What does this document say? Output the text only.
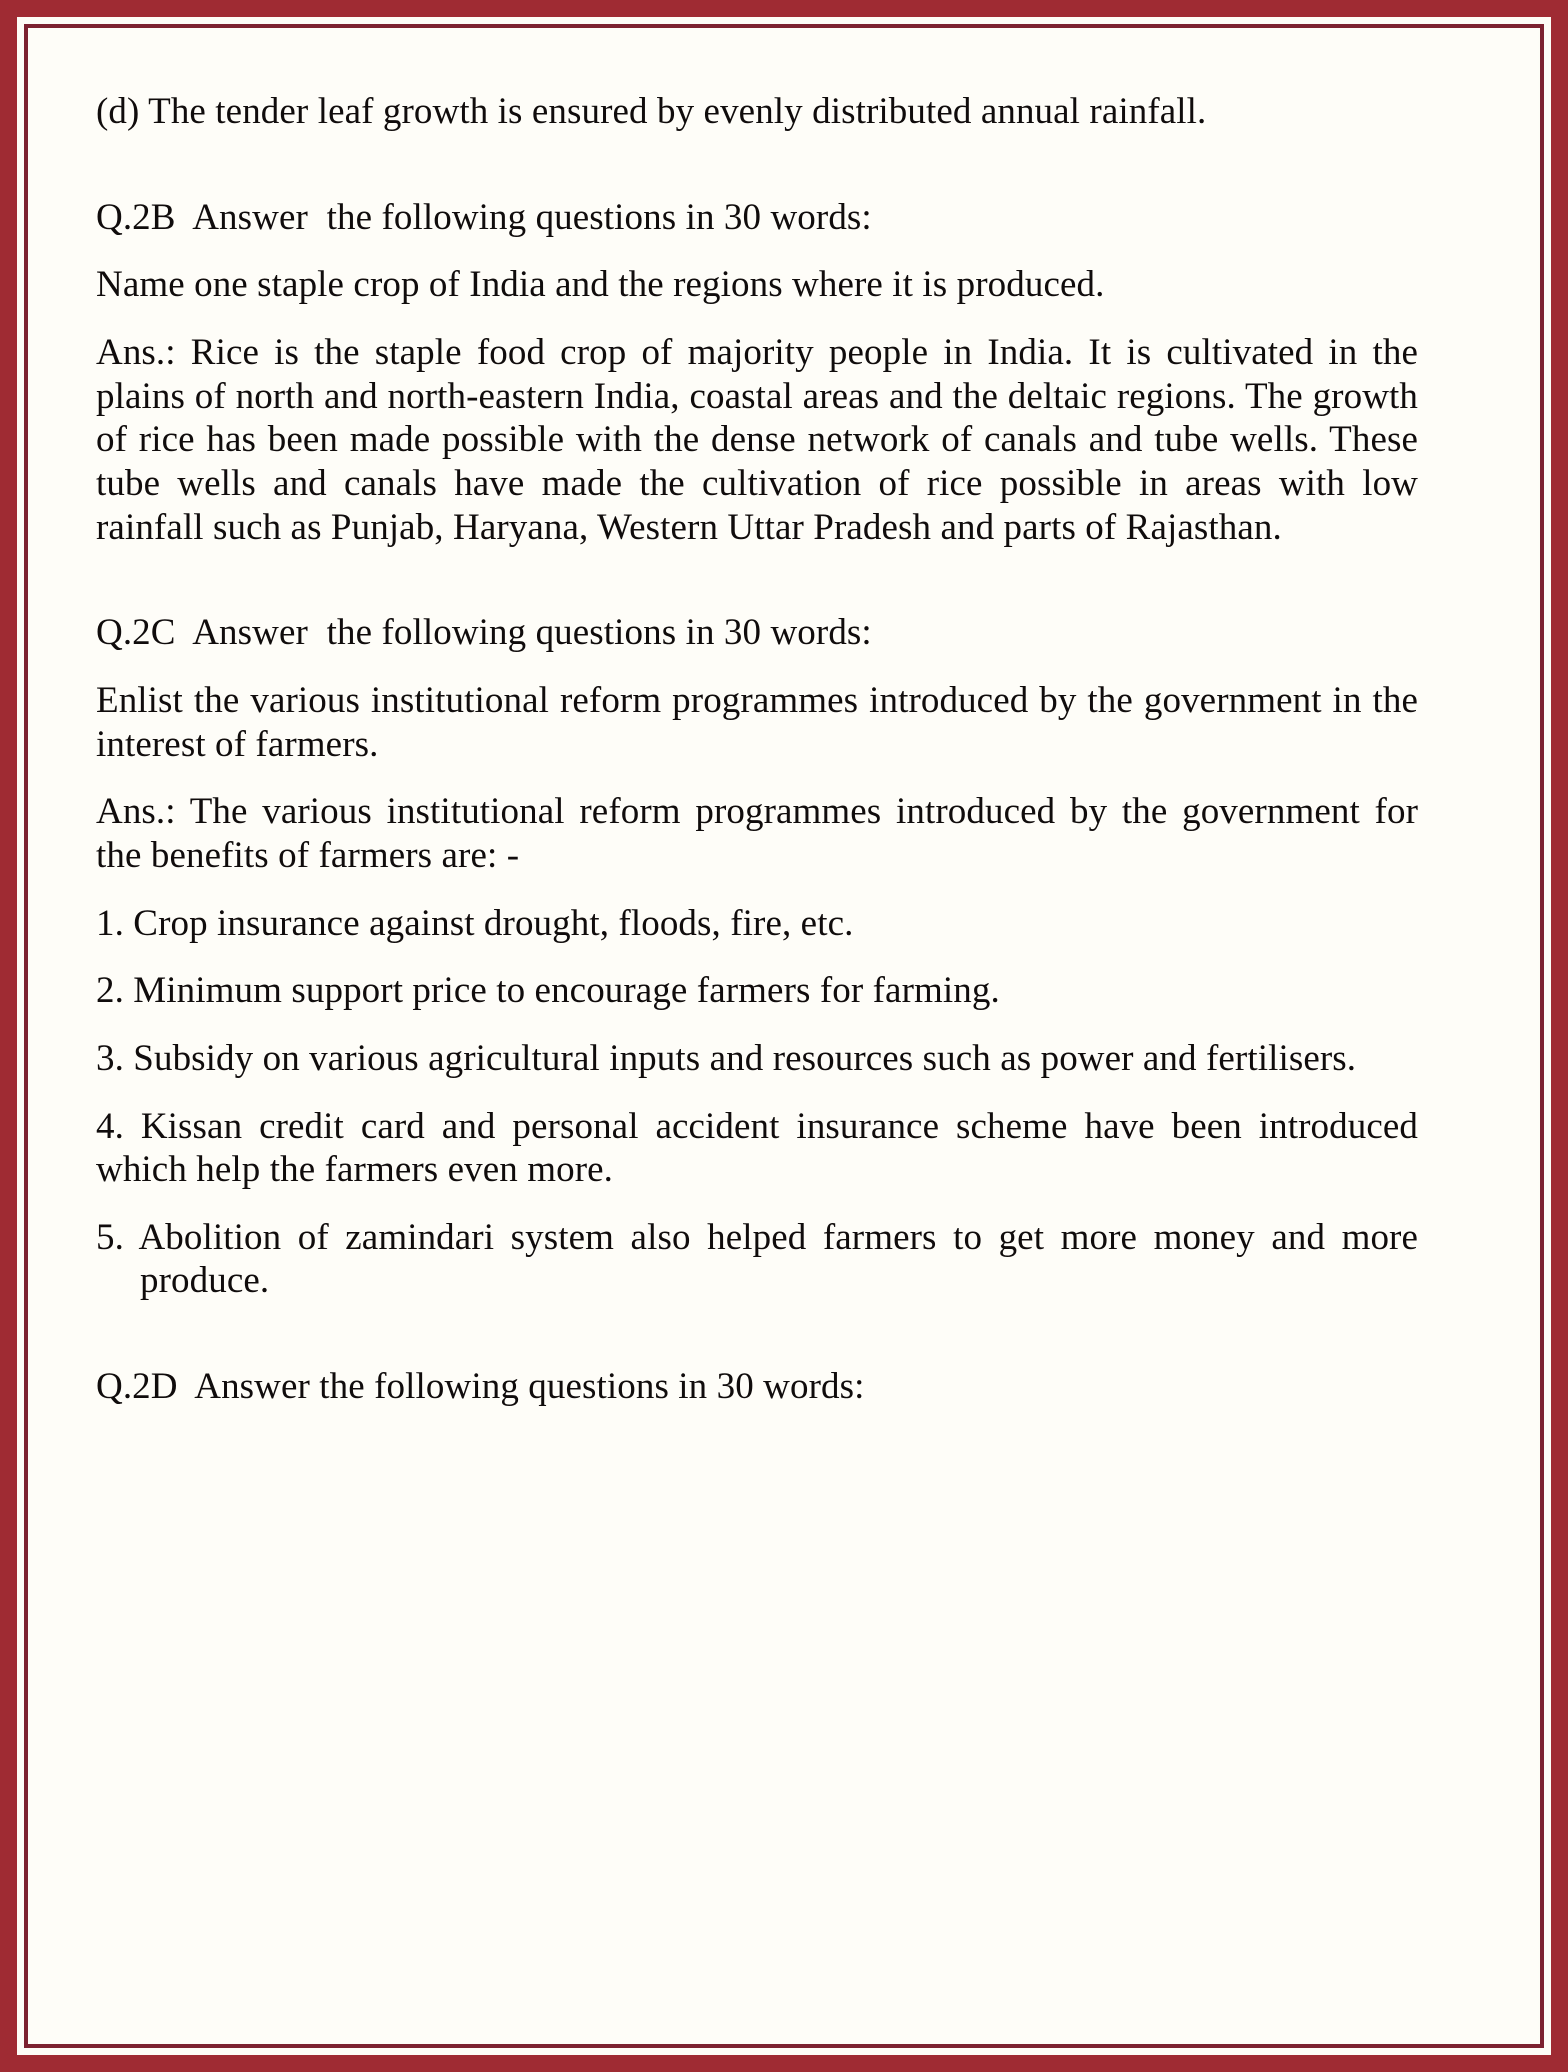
(d) The tender leaf growth is ensured by evenly distributed annual rainfall.

Q.2B  Answer  the following questions in 30 words:

Name one staple crop of India and the regions where it is produced.

Ans.: Rice is the staple food crop of majority people in India. It is cultivated in the plains of north and north-eastern India, coastal areas and the deltaic regions. The growth of rice has been made possible with the dense network of canals and tube wells. These tube wells and canals have made the cultivation of rice possible in areas with low rainfall such as Punjab, Haryana, Western Uttar Pradesh and parts of Rajasthan.

Q.2C  Answer  the following questions in 30 words:

Enlist the various institutional reform programmes introduced by the government in the interest of farmers.

Ans.: The various institutional reform programmes introduced by the government for the benefits of farmers are: -

1. Crop insurance against drought, floods, fire, etc.

2. Minimum support price to encourage farmers for farming.

3. Subsidy on various agricultural inputs and resources such as power and fertilisers.

4. Kissan credit card and personal accident insurance scheme have been introduced which help the farmers even more.

5. Abolition of zamindari system also helped farmers to get more money and more produce.

Q.2D  Answer the following questions in 30 words:
